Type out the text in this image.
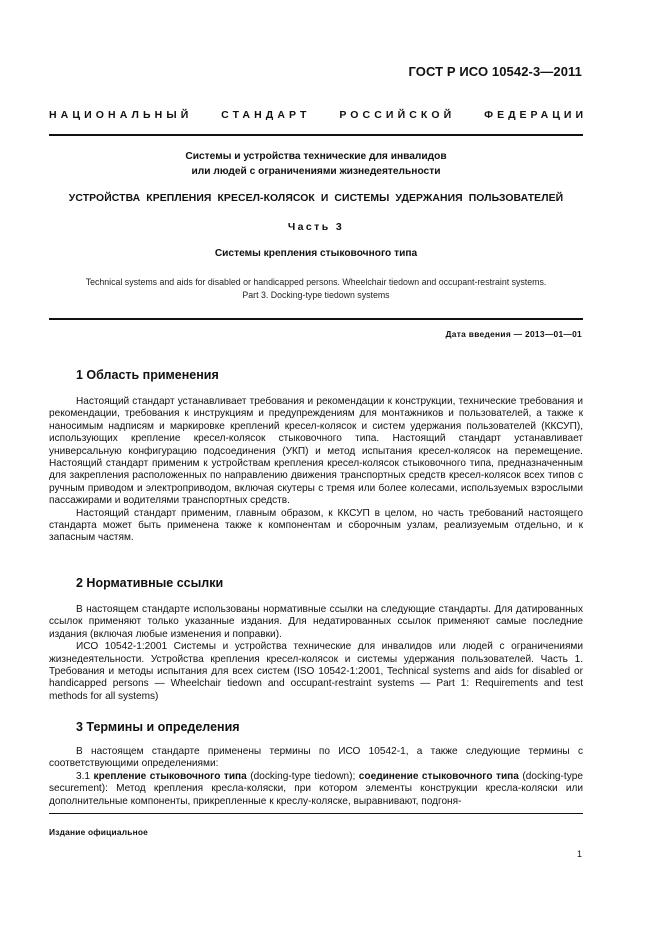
ГОСТ Р ИСО 10542-3—2011
НАЦИОНАЛЬНЫЙ	СТАНДАРТ	РОССИЙСКОЙ	ФЕДЕРАЦИИ
Системы и устройства технические для инвалидов
или людей с ограничениями жизнедеятельности
УСТРОЙСТВА КРЕПЛЕНИЯ КРЕСЕЛ-КОЛЯСОК И СИСТЕМЫ УДЕРЖАНИЯ ПОЛЬЗОВАТЕЛЕЙ
Часть 3
Системы крепления стыковочного типа
Technical systems and aids for disabled or handicapped persons. Wheelchair tiedown and occupant-restraint systems.
Part 3. Docking-type tiedown systems
Дата введения — 2013—01—01
1 Область применения

Настоящий стандарт устанавливает требования и рекомендации к конструкции, технические требования и рекомендации, требования к инструкциям и предупреждениям для монтажников и пользователей, а также к наносимым надписям и маркировке креплений кресел-колясок и систем удержания пользователей (ККСУП), использующих крепление кресел-колясок стыковочного типа. Настоящий стандарт устанавливает универсальную конфигурацию подсоединения (УКП) и метод испытания кресел-колясок на перемещение. Настоящий стандарт применим к устройствам крепления кресел-колясок стыковочного типа, предназначенным для закрепления расположенных по направлению движения транспортных средств кресел-колясок всех типов с ручным приводом и электроприводом, включая скутеры с тремя или более колесами, используемых взрослыми пассажирами и водителями транспортных средств.

Настоящий стандарт применим, главным образом, к ККСУП в целом, но часть требований настоящего стандарта может быть применена также к компонентам и сборочным узлам, реализуемым отдельно, и к запасным частям.

2 Нормативные ссылки

В настоящем стандарте использованы нормативные ссылки на следующие стандарты. Для датированных ссылок применяют только указанные издания. Для недатированных ссылок применяют самые последние издания (включая любые изменения и поправки).

ИСО 10542-1:2001 Системы и устройства технические для инвалидов или людей с ограничениями жизнедеятельности. Устройства крепления кресел-колясок и системы удержания пользователей. Часть 1. Требования и методы испытания для всех систем (ISO 10542-1:2001, Technical systems and aids for disabled or handicapped persons — Wheelchair tiedown and occupant-restraint systems — Part 1: Requirements and test methods for all systems)

3 Термины и определения

В настоящем стандарте применены термины по ИСО 10542-1, а также следующие термины с соответствующими определениями:

3.1 крепление стыковочного типа (docking-type tiedown); соединение стыковочного типа (docking-type securement): Метод крепления кресла-коляски, при котором элементы конструкции кресла-коляски или дополнительные компоненты, прикрепленные к креслу-коляске, выравнивают, подгоня-

Издание официальное
1
